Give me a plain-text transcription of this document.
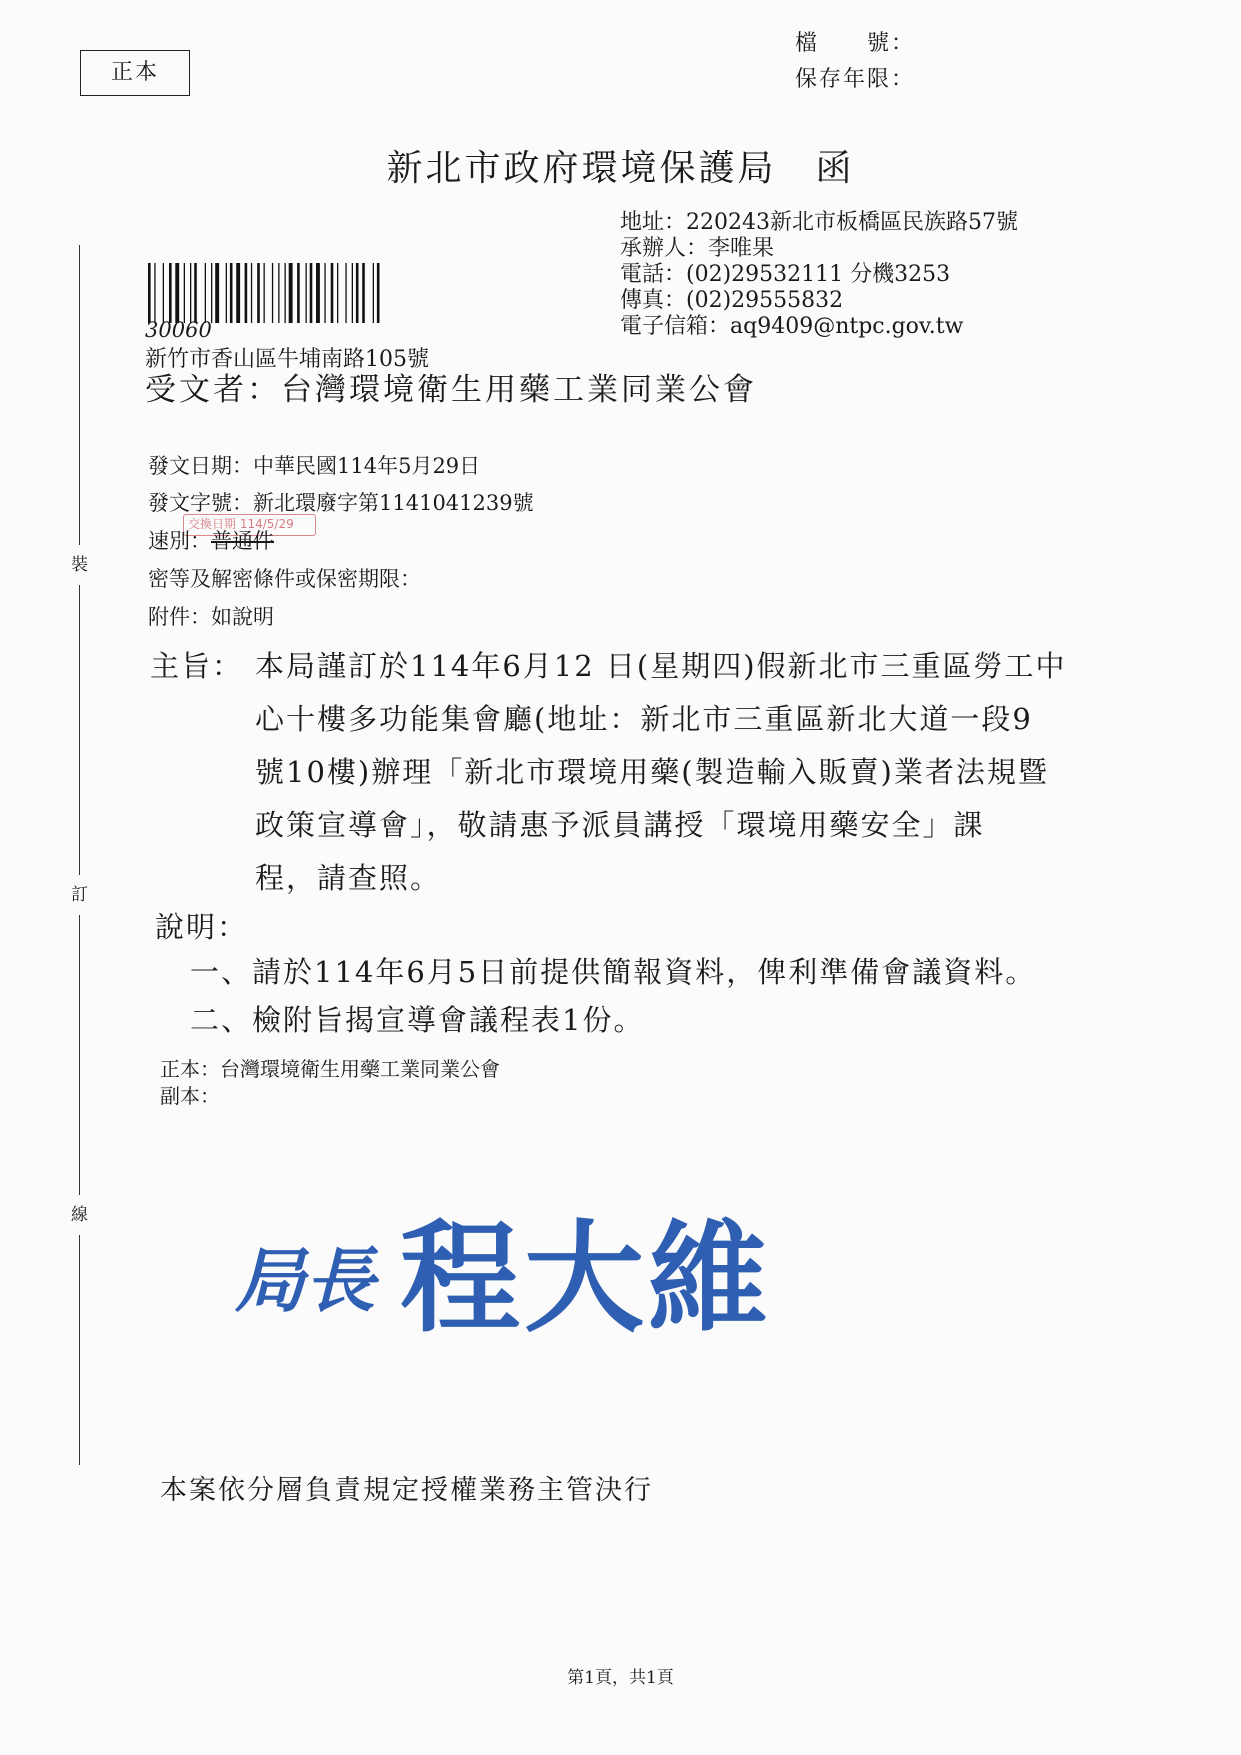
正本
檔　　號：
保存年限：
新北市政府環境保護局　函
地址：220243新北市板橋區民族路57號
承辦人：李唯果
電話：(02)29532111 分機3253
傳真：(02)29555832
電子信箱：aq9409@ntpc.gov.tw
30060
新竹市香山區牛埔南路105號
受文者：台灣環境衛生用藥工業同業公會
發文日期：中華民國114年5月29日
發文字號：新北環廢字第1141041239號
交換日期 114/5/29
速別：普通件
密等及解密條件或保密期限：
附件：如說明
主旨： 本局謹訂於114年6月12 日(星期四)假新北市三重區勞工中
心十樓多功能集會廳(地址：新北市三重區新北大道一段9
號10樓)辦理「新北市環境用藥(製造輸入販賣)業者法規暨
政策宣導會」，敬請惠予派員講授「環境用藥安全」課
程，請查照。
說明：
一、請於114年6月5日前提供簡報資料，俾利準備會議資料。
二、檢附旨揭宣導會議程表1份。
正本：台灣環境衛生用藥工業同業公會
副本：
局長 程大維
本案依分層負責規定授權業務主管決行
第1頁，共1頁
裝
訂
線
